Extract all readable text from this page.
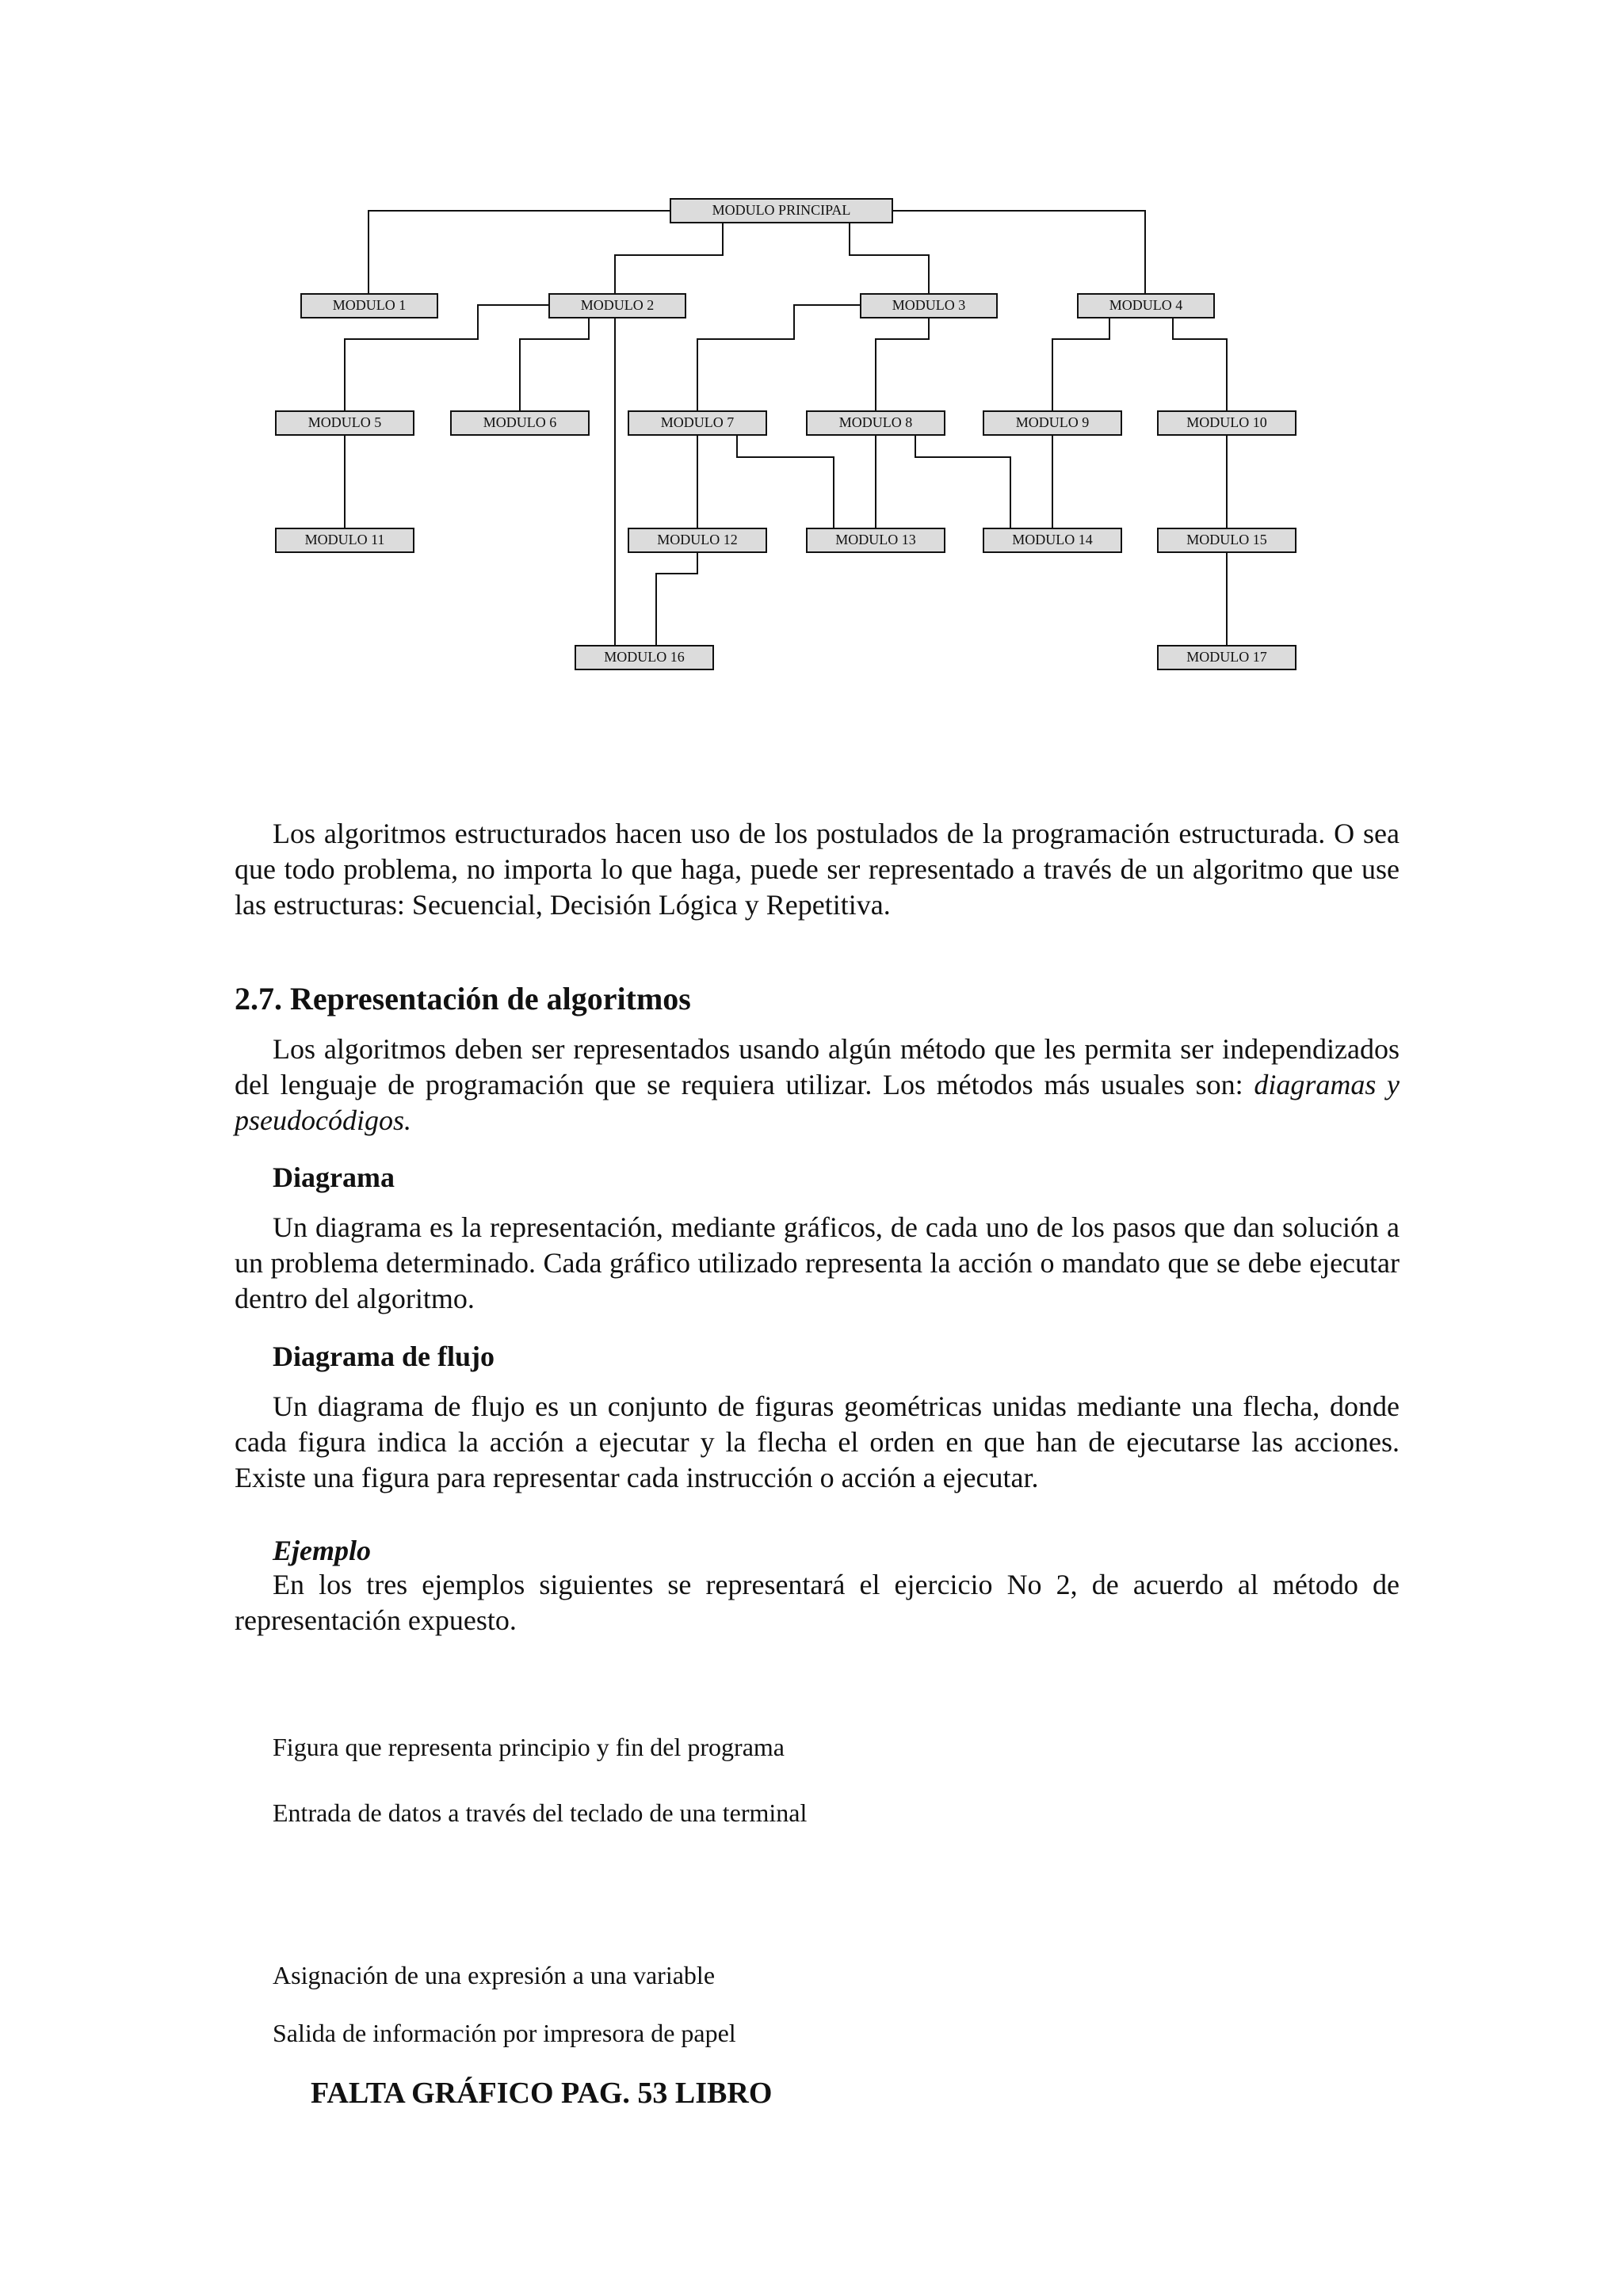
MODULO PRINCIPAL
MODULO 1	MODULO 2	MODULO 3	MODULO 4
MODULO 5	MODULO 6	MODULO 7	MODULO 8	MODULO 9	MODULO 10
MODULO 11	MODULO 12	MODULO 13	MODULO 14	MODULO 15
MODULO 16	MODULO 17

Los algoritmos estructurados hacen uso de los postulados de la programación estructurada. O sea que todo problema, no importa lo que haga, puede ser representado a través de un algoritmo que use las estructuras: Secuencial, Decisión Lógica y Repetitiva.

2.7. Representación de algoritmos

Los algoritmos deben ser representados usando algún método que les permita ser independizados del lenguaje de programación que se requiera utilizar. Los métodos más usuales son: diagramas y pseudocódigos.

Diagrama

Un diagrama es la representación, mediante gráficos, de cada uno de los pasos que dan solución a un problema determinado. Cada gráfico utilizado representa la acción o mandato que se debe ejecutar dentro del algoritmo.

Diagrama de flujo

Un diagrama de flujo es un conjunto de figuras geométricas unidas mediante una flecha, donde cada figura indica la acción a ejecutar y la flecha el orden en que han de ejecutarse las acciones. Existe una figura para representar cada instrucción o acción a ejecutar.

Ejemplo

En los tres ejemplos siguientes se representará el ejercicio No 2, de acuerdo al método de representación expuesto.

Figura que representa principio y fin del programa

Entrada de datos a través del teclado de una terminal

Asignación de una expresión a una variable

Salida de información por impresora de papel

FALTA GRÁFICO PAG. 53 LIBRO
